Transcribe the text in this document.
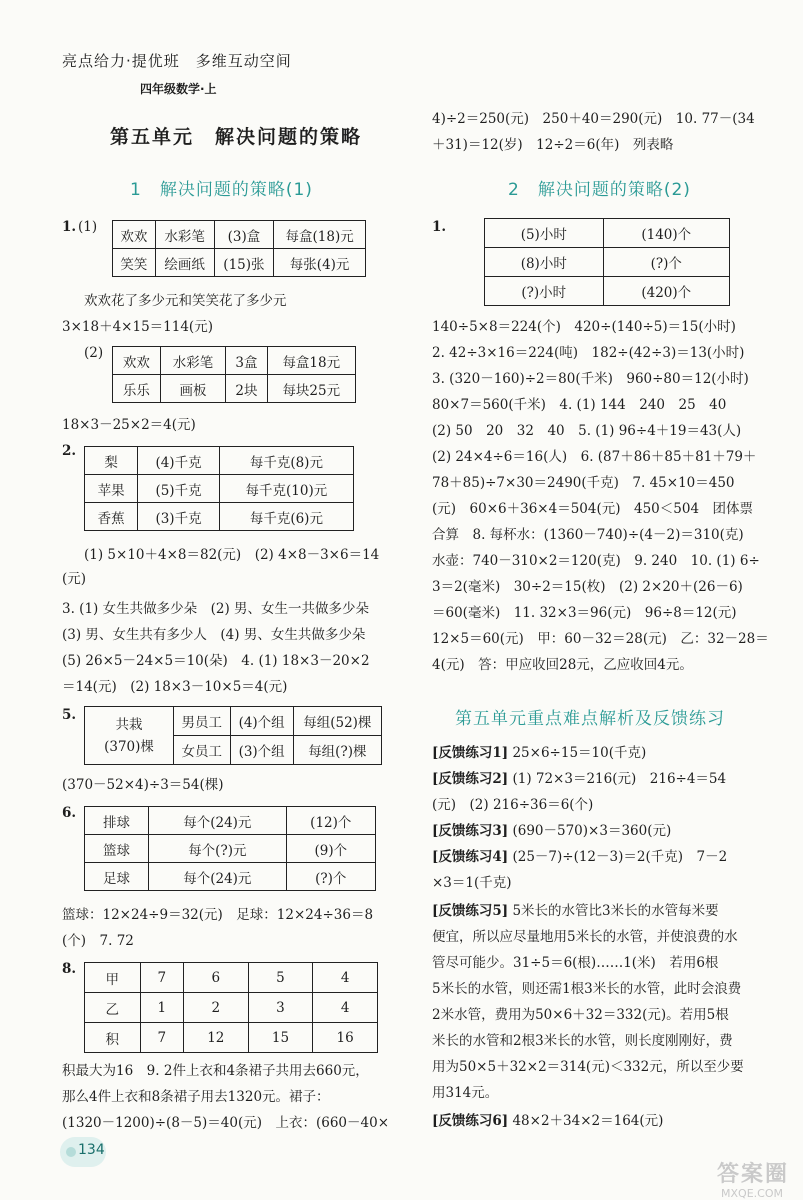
亮点给力·提优班　多维互动空间
四年级数学·上
第五单元　解决问题的策略
1　解决问题的策略(1)	2　解决问题的策略(2)
1. (1)
欢欢	水彩笔	(3)盒	每盒(18)元
笑笑	绘画纸	(15)张	每张(4)元
欢欢花了多少元和笑笑花了多少元
3×18＋4×15＝114(元)
(2)
欢欢	水彩笔	3盒	每盒18元
乐乐	画板	2块	每块25元
18×3－25×2＝4(元)
2.
梨	(4)千克	每千克(8)元
苹果	(5)千克	每千克(10)元
香蕉	(3)千克	每千克(6)元
(1) 5×10＋4×8＝82(元)　(2) 4×8－3×6＝14
(元)
3. (1) 女生共做多少朵　(2) 男、女生一共做多少朵
(3) 男、女生共有多少人　(4) 男、女生共做多少朵
(5) 26×5－24×5＝10(朵)　4. (1) 18×3－20×2
＝14(元)　(2) 18×3－10×5＝4(元)
5.
共栽
(370)棵	男员工	(4)个组	每组(52)棵
	女员工	(3)个组	每组(?)棵
(370－52×4)÷3＝54(棵)
6.
排球	每个(24)元	(12)个
篮球	每个(?)元	(9)个
足球	每个(24)元	(?)个
篮球：12×24÷9＝32(元)　足球：12×24÷36＝8
(个)　7. 72
8.
甲	7	6	5	4
乙	1	2	3	4
积	7	12	15	16
积最大为16　9. 2件上衣和4条裙子共用去660元，
那么4件上衣和8条裙子用去1320元。裙子：
(1320－1200)÷(8－5)＝40(元)　上衣：(660－40×
4)÷2＝250(元)　250＋40＝290(元)　10. 77－(34
＋31)＝12(岁)　12÷2＝6(年)　列表略
1.	(5)小时	(140)个
(8)小时	(?)个
(?)小时	(420)个
140÷5×8＝224(个)　420÷(140÷5)＝15(小时)
2. 42÷3×16＝224(吨)　182÷(42÷3)＝13(小时)
3. (320－160)÷2＝80(千米)　960÷80＝12(小时)
80×7＝560(千米)　4. (1) 144　240　25　40
(2) 50　20　32　40　5. (1) 96÷4＋19＝43(人)
(2) 24×4÷6＝16(人)　6. (87＋86＋85＋81＋79＋
78＋85)÷7×30＝2490(千克)　7. 45×10＝450
(元)　60×6＋36×4＝504(元)　450＜504　团体票
合算　8. 每杯水：(1360－740)÷(4－2)＝310(克)
水壶：740－310×2＝120(克)　9. 240　10. (1) 6÷
3＝2(毫米)　30÷2＝15(枚)　(2) 2×20＋(26－6)
＝60(毫米)　11. 32×3＝96(元)　96÷8＝12(元)
12×5＝60(元)　甲：60－32＝28(元)　乙：32－28＝
4(元)　答：甲应收回28元，乙应收回4元。
第五单元重点难点解析及反馈练习
[反馈练习1] 25×6÷15＝10(千克)
[反馈练习2] (1) 72×3＝216(元)　216÷4＝54
(元)　(2) 216÷36＝6(个)
[反馈练习3] (690－570)×3＝360(元)
[反馈练习4] (25－7)÷(12－3)＝2(千克)　7－2
×3＝1(千克)
[反馈练习5] 5米长的水管比3米长的水管每米要
便宜，所以应尽量地用5米长的水管，并使浪费的水
管尽可能少。31÷5＝6(根)……1(米)　若用6根
5米长的水管，则还需1根3米长的水管，此时会浪费
2米水管，费用为50×6＋32＝332(元)。若用5根
米长的水管和2根3米长的水管，则长度刚刚好，费
用为50×5＋32×2＝314(元)＜332元，所以至少要
用314元。
[反馈练习6] 48×2＋34×2＝164(元)
134
答案圈
MXQE.COM
